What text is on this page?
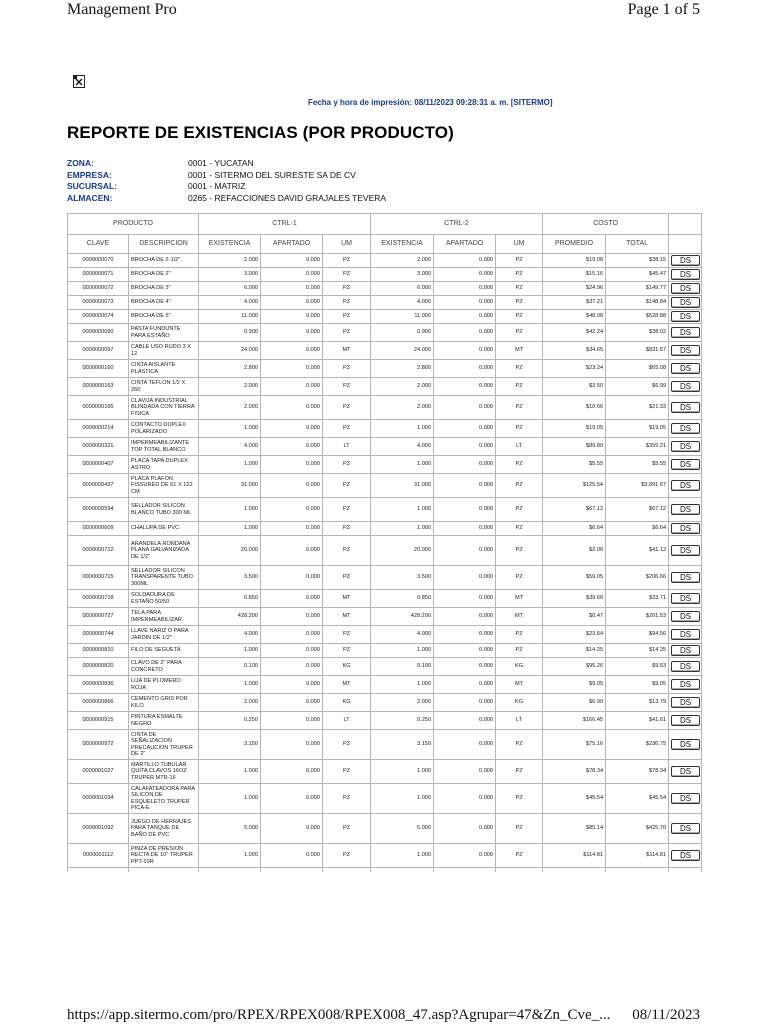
Management Pro	Page 1 of 5
Fecha y hora de impresión: 08/11/2023 09:28:31 a. m. [SITERMO]
REPORTE DE EXISTENCIAS (POR PRODUCTO)
ZONA:	0001 - YUCATAN
EMPRESA:	0001 - SITERMO DEL SURESTE SA DE CV
SUCURSAL:	0001 - MATRIZ
ALMACEN:	0265 - REFACCIONES DAVID GRAJALES TEVERA
PRODUCTO		CTRL-1			CTRL-2			COSTO		
CLAVE	DESCRIPCION	EXISTENCIA	APARTADO	UM	EXISTENCIA	APARTADO	UM	PROMEDIO	TOTAL	
0000000070	BROCHA DE 2-1/2"	2.000	0.000	PZ	2.000	0.000	PZ	$19.08	$38.15	DS
0000000071	BROCHA DE 2"	3.000	0.000	PZ	3.000	0.000	PZ	$15.16	$45.47	DS
0000000072	BROCHA DE 3"	6.000	0.000	PZ	6.000	0.000	PZ	$24.96	$149.77	DS
0000000073	BROCHA DE 4"	4.000	0.000	PZ	4.000	0.000	PZ	$37.21	$148.84	DS
0000000074	BROCHA DE 5"	11.000	0.000	PZ	11.000	0.000	PZ	$48.08	$528.88	DS
0000000090	PASTA FUNDUNTE PARA ESTAÑO	0.900	0.000	PZ	0.900	0.000	PZ	$42.24	$38.02	DS
0000000097	CABLE USO RUDO 3 X 12	24.000	0.000	MT	24.000	0.000	MT	$34.65	$831.57	DS
0000000160	CINTA AISLANTE PLASTICA	2.800	0.000	PZ	2.800	0.000	PZ	$23.24	$65.08	DS
0000000163	CINTA TEFLON 1/2 X 260	2.000	0.000	PZ	2.000	0.000	PZ	$3.50	$6.99	DS
0000000165	CLAVIJA INDUSTRIAL BLINDADA CON TIERRA FISICA	2.000	0.000	PZ	2.000	0.000	PZ	$10.66	$21.33	DS
0000000214	CONTACTO DUPLEX POLARIZADO	1.000	0.000	PZ	1.000	0.000	PZ	$19.05	$19.05	DS
0000000321	IMPERMEABILIZANTE TOP TOTAL BLANCO	4.000	0.000	LT	4.000	0.000	LT	$89.80	$359.21	DS
0000000407	PLACA TAPA DUPLEX ASTRO	1.000	0.000	PZ	1.000	0.000	PZ	$5.55	$5.55	DS
0000000437	PLACA PLAFON FISSURED DE 61 X 122 CM	31.000	0.000	PZ	31.000	0.000	PZ	$125.54	$3,891.67	DS
0000000594	SELLADOR SILICON BLANCO TUBO 300 ML	1.000	0.000	PZ	1.000	0.000	PZ	$67.12	$67.12	DS
0000000609	CHALUPA DE PVC	1.000	0.000	PZ	1.000	0.000	PZ	$6.64	$6.64	DS
0000000712	ARANDELA RONDANA PLANA GALVANIZADA DE 1/2"	20.000	0.000	PZ	20.000	0.000	PZ	$2.06	$41.12	DS
0000000715	SELLADOR SILICON TRANSPARENTE TUBO 300ML	3.500	0.000	PZ	3.500	0.000	PZ	$59.05	$206.66	DS
0000000718	SOLDADURA DE ESTAÑO 50/50	0.850	0.000	MT	0.850	0.000	MT	$39.66	$33.71	DS
0000000727	TELA PARA IMPERMEABILIZAR	428.200	0.000	MT	428.200	0.000	MT	$0.47	$201.53	DS
0000000744	LLAVE NARIZ O PARA JARDIN DE 1/2"	4.000	0.000	PZ	4.000	0.000	PZ	$23.64	$94.56	DS
0000000810	FILO DE SEGUETA	1.000	0.000	PZ	1.000	0.000	PZ	$14.25	$14.25	DS
0000000820	CLAVO DE 2" PARA CONCRETO	0.100	0.000	KG	0.100	0.000	KG	$95.26	$9.53	DS
0000000836	LIJA DE PLOMERO ROJA	1.000	0.000	MT	1.000	0.000	MT	$9.05	$9.05	DS
0000000866	CEMENTO GRIS POR KILO	2.000	0.000	KG	2.000	0.000	KG	$6.90	$13.79	DS
0000000915	PINTURA ESMALTE NEGRO	0.250	0.000	LT	0.250	0.000	LT	$166.45	$41.61	DS
0000000972	CINTA DE SEÑALIZACION PRECAUCION TRUPER DE 2"	3.150	0.000	PZ	3.150	0.000	PZ	$75.16	$236.75	DS
0000001027	MARTILLO TUBULAR QUITA CLAVOS 16OZ TRUPER MTR-16	1.000	0.000	PZ	1.000	0.000	PZ	$78.34	$78.34	DS
0000001034	CALAFATEADORA PARA SILICON DE ESQUELETO TRUPER PICA-E	1.000	0.000	PZ	1.000	0.000	PZ	$45.54	$45.54	DS
0000001092	JUEGO DE HERRAJES PARA TANQUE DE BAÑO DE PVC	5.000	0.000	PZ	5.000	0.000	PZ	$85.14	$425.70	DS
0000001112	PINZA DE PRESION RECTA DE 10" TRUPER PPT-10R	1.000	0.000	PZ	1.000	0.000	PZ	$114.81	$114.81	DS

https://app.sitermo.com/pro/RPEX/RPEX008/RPEX008_47.asp?Agrupar=47&Zn_Cve_... 08/11/2023
